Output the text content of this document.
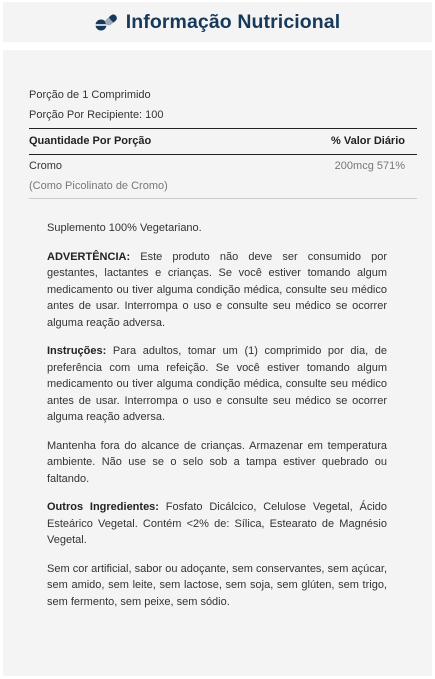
Informação Nutricional
Porção de 1 Comprimido
Porção Por Recipiente: 100
Quantidade Por Porção	% Valor Diário
Cromo	200mcg 571%
(Como Picolinato de Cromo)

Suplemento 100% Vegetariano.

ADVERTÊNCIA: Este produto não deve ser consumido por gestantes, lactantes e crianças. Se você estiver tomando algum medicamento ou tiver alguma condição médica, consulte seu médico antes de usar. Interrompa o uso e consulte seu médico se ocorrer alguma reação adversa.

Instruções: Para adultos, tomar um (1) comprimido por dia, de preferência com uma refeição. Se você estiver tomando algum medicamento ou tiver alguma condição médica, consulte seu médico antes de usar. Interrompa o uso e consulte seu médico se ocorrer alguma reação adversa.

Mantenha fora do alcance de crianças. Armazenar em temperatura ambiente. Não use se o selo sob a tampa estiver quebrado ou faltando.

Outros Ingredientes: Fosfato Dicálcico, Celulose Vegetal, Ácido Esteárico Vegetal. Contém <2% de: Sílica, Estearato de Magnésio Vegetal.

Sem cor artificial, sabor ou adoçante, sem conservantes, sem açúcar, sem amido, sem leite, sem lactose, sem soja, sem glúten, sem trigo, sem fermento, sem peixe, sem sódio.
